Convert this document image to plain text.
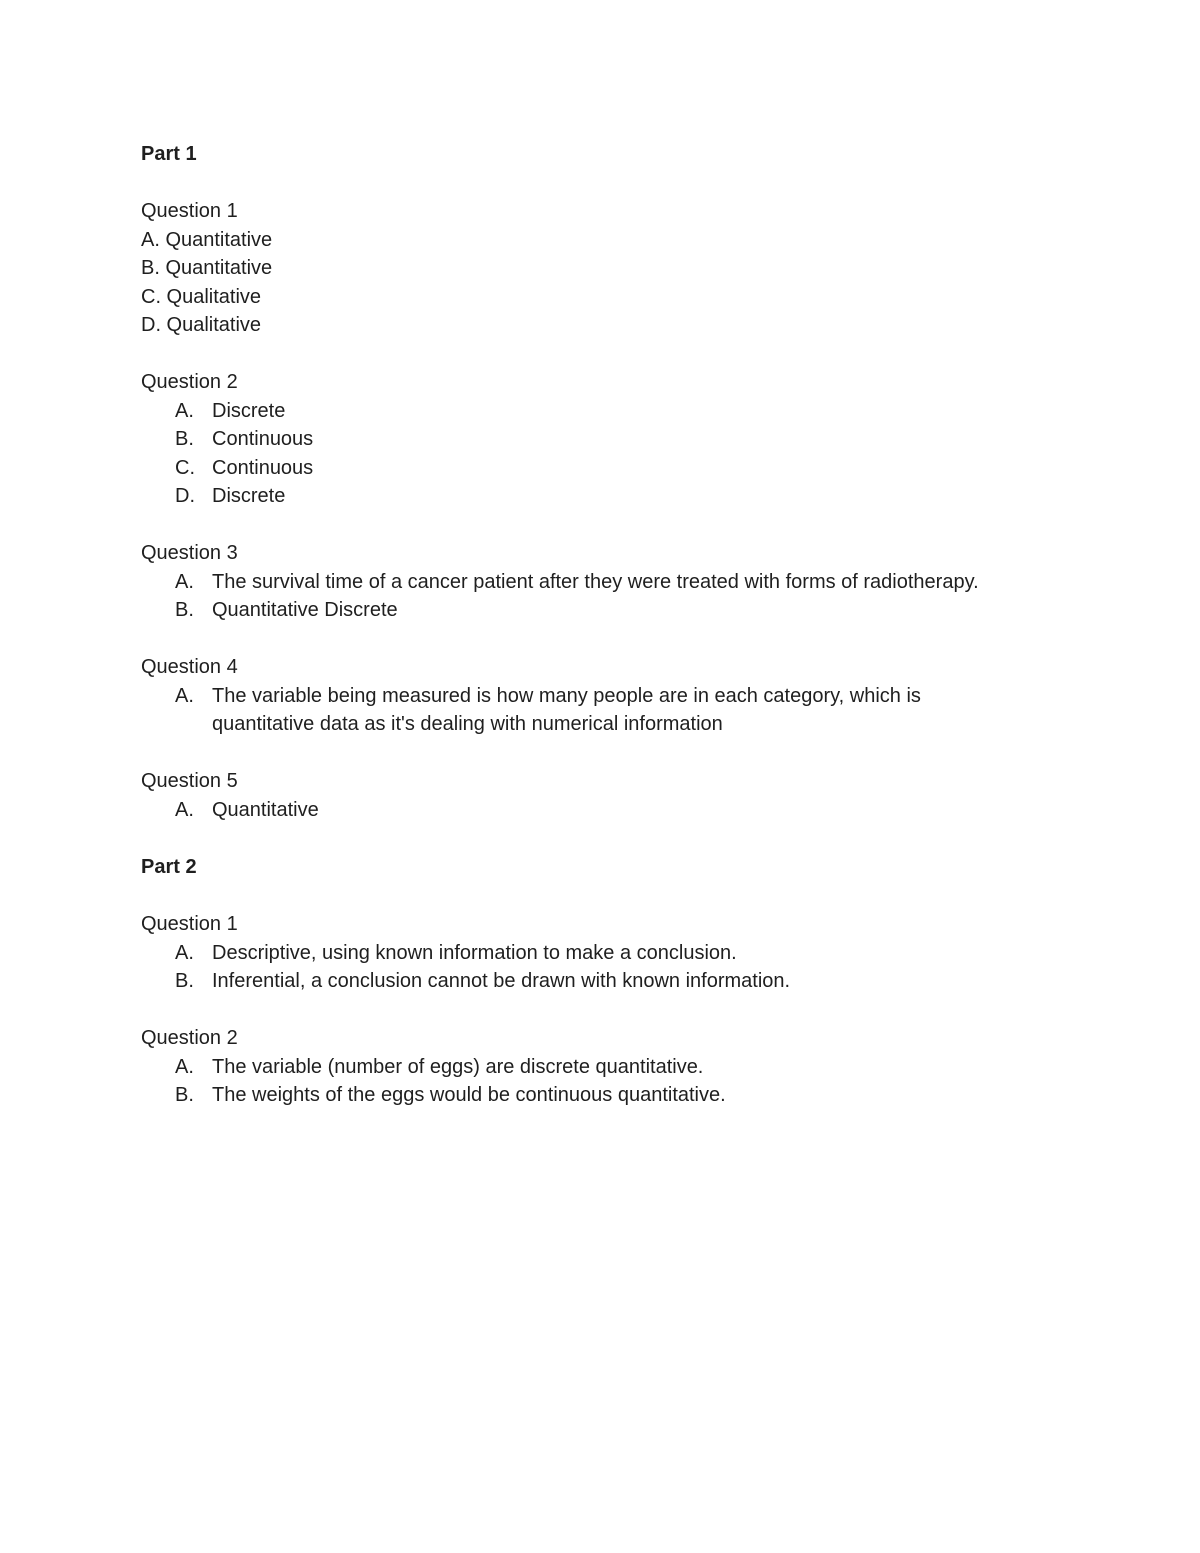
Part 1
Question 1
A. Quantitative
B. Quantitative
C. Qualitative
D. Qualitative
Question 2
A. Discrete
B. Continuous
C. Continuous
D. Discrete
Question 3
A. The survival time of a cancer patient after they were treated with forms of radiotherapy.
B. Quantitative Discrete
Question 4
A. The variable being measured is how many people are in each category, which is
quantitative data as it's dealing with numerical information
Question 5
A. Quantitative
Part 2
Question 1
A. Descriptive, using known information to make a conclusion.
B. Inferential, a conclusion cannot be drawn with known information.
Question 2
A. The variable (number of eggs) are discrete quantitative.
B. The weights of the eggs would be continuous quantitative.
